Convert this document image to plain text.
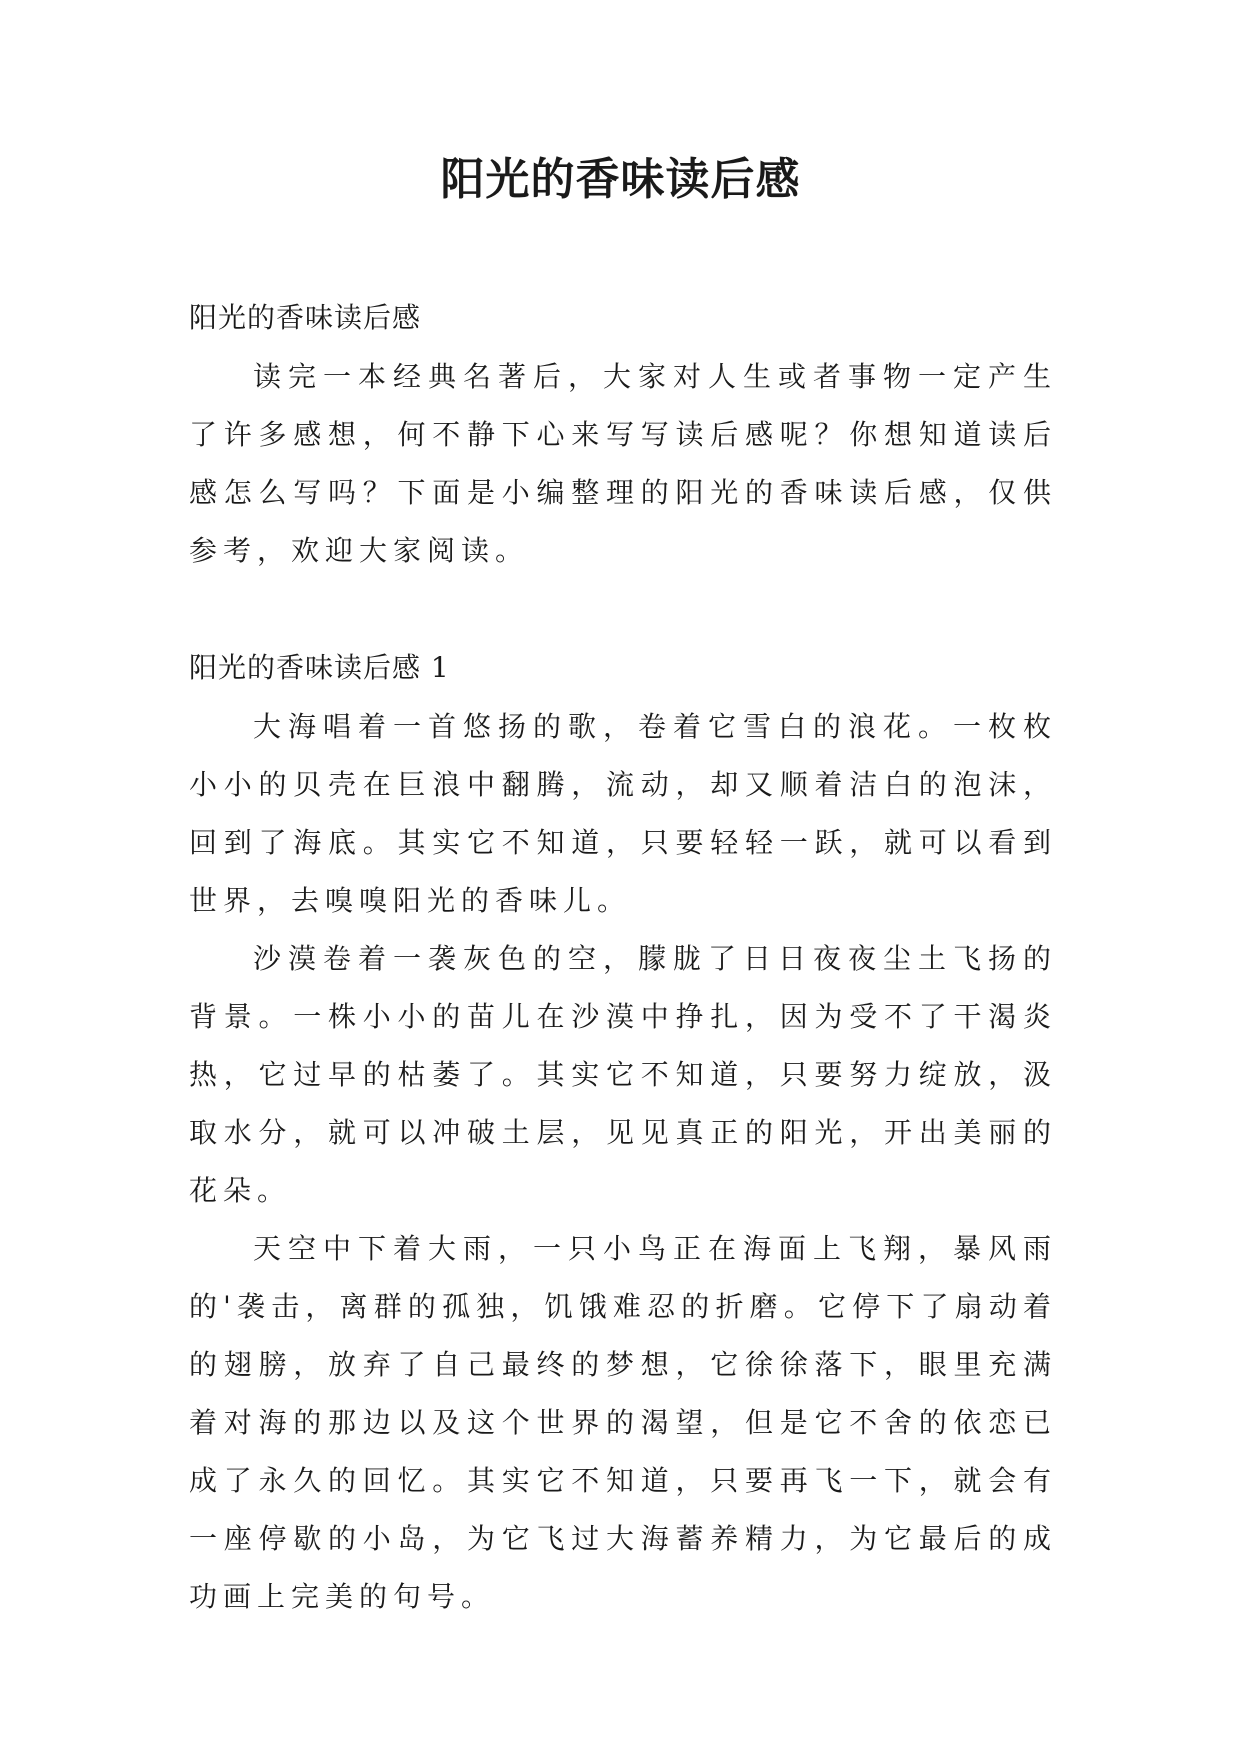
阳光的香味读后感
阳光的香味读后感

读完一本经典名著后，大家对人生或者事物一定产生了许多感想，何不静下心来写写读后感呢？你想知道读后感怎么写吗？下面是小编整理的阳光的香味读后感，仅供参考，欢迎大家阅读。

阳光的香味读后感 1

大海唱着一首悠扬的歌，卷着它雪白的浪花。一枚枚小小的贝壳在巨浪中翻腾，流动，却又顺着洁白的泡沫，回到了海底。其实它不知道，只要轻轻一跃，就可以看到世界，去嗅嗅阳光的香味儿。

沙漠卷着一袭灰色的空，朦胧了日日夜夜尘土飞扬的背景。一株小小的苗儿在沙漠中挣扎，因为受不了干渴炎热，它过早的枯萎了。其实它不知道，只要努力绽放，汲取水分，就可以冲破土层，见见真正的阳光，开出美丽的花朵。

天空中下着大雨，一只小鸟正在海面上飞翔，暴风雨的'袭击，离群的孤独，饥饿难忍的折磨。它停下了扇动着的翅膀，放弃了自己最终的梦想，它徐徐落下，眼里充满着对海的那边以及这个世界的渴望，但是它不舍的依恋已成了永久的回忆。其实它不知道，只要再飞一下，就会有一座停歇的小岛，为它飞过大海蓄养精力，为它最后的成功画上完美的句号。
